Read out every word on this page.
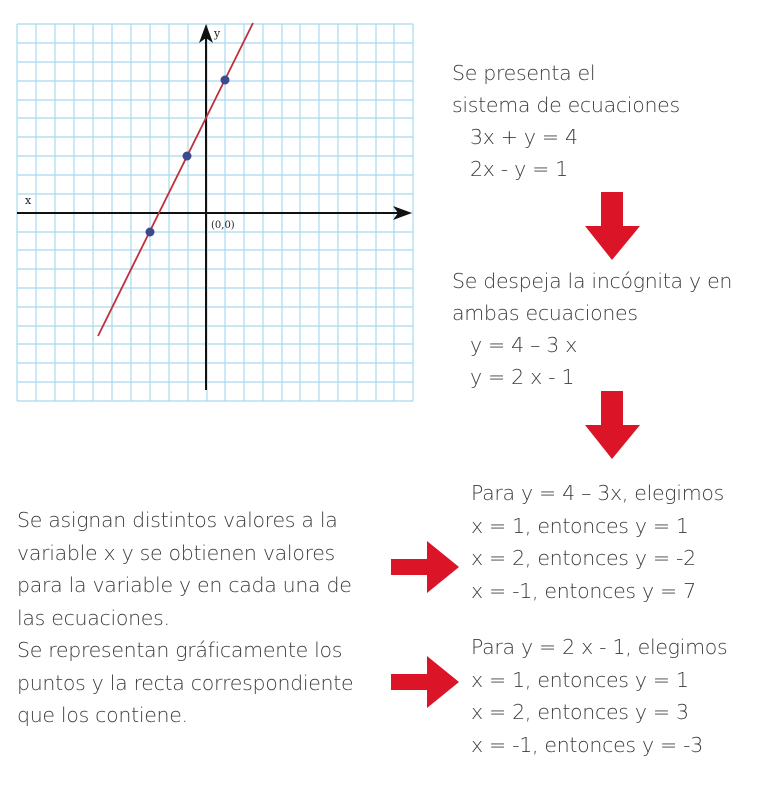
x
y
(0,0)
Se presenta el
sistema de ecuaciones
3x + y = 4
2x - y = 1
Se despeja la incógnita y en
ambas ecuaciones
y = 4 – 3 x
y = 2 x - 1
Para y = 4 – 3x, elegimos
x = 1, entonces y = 1
x = 2, entonces y = -2
x = -1, entonces y = 7
Para y = 2 x - 1, elegimos
x = 1, entonces y = 1
x = 2, entonces y = 3
x = -1, entonces y = -3
Se asignan distintos valores a la
variable x y se obtienen valores
para la variable y en cada una de
las ecuaciones.
Se representan gráficamente los
puntos y la recta correspondiente
que los contiene.
